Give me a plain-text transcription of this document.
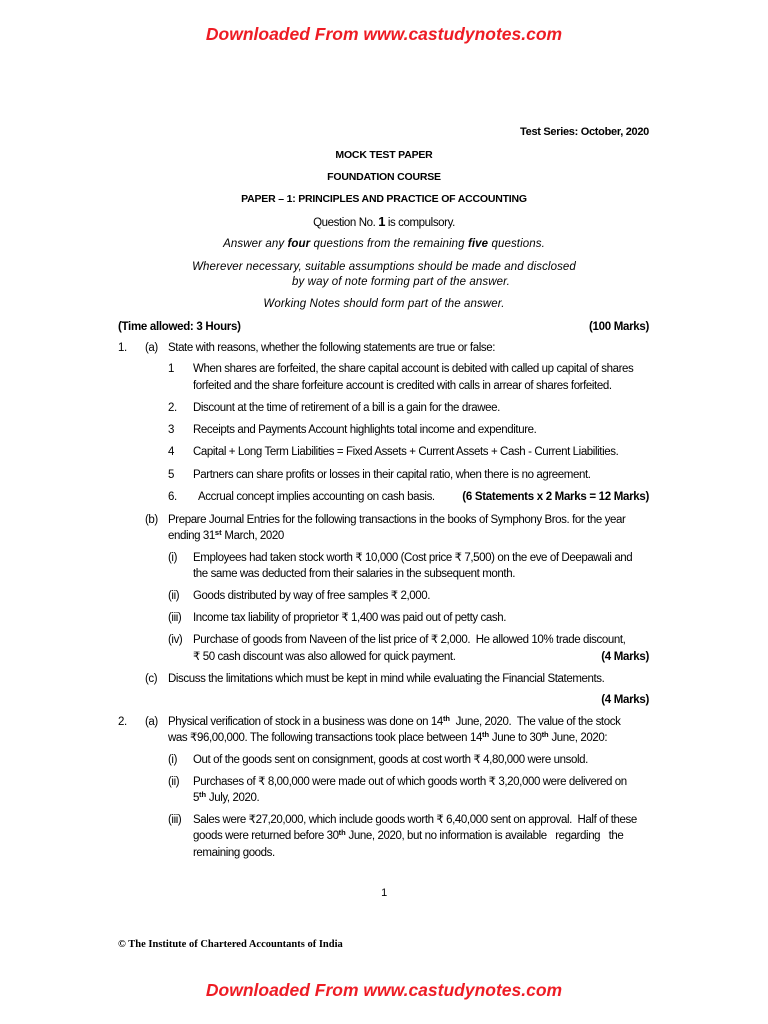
Downloaded From www.castudynotes.com
Test Series: October, 2020
MOCK TEST PAPER
FOUNDATION COURSE
PAPER – 1: PRINCIPLES AND PRACTICE OF ACCOUNTING
Question No. 1 is compulsory.
Answer any four questions from the remaining five questions.
Wherever necessary, suitable assumptions should be made and disclosed
by way of note forming part of the answer.
Working Notes should form part of the answer.
(Time allowed: 3 Hours)	(100 Marks)
1. (a) State with reasons, whether the following statements are true or false:
1 When shares are forfeited, the share capital account is debited with called up capital of shares
forfeited and the share forfeiture account is credited with calls in arrear of shares forfeited.
2. Discount at the time of retirement of a bill is a gain for the drawee.
3 Receipts and Payments Account highlights total income and expenditure.
4 Capital + Long Term Liabilities = Fixed Assets + Current Assets + Cash - Current Liabilities.
5 Partners can share profits or losses in their capital ratio, when there is no agreement.
6. Accrual concept implies accounting on cash basis. (6 Statements x 2 Marks = 12 Marks)
(b) Prepare Journal Entries for the following transactions in the books of Symphony Bros. for the year
ending 31st March, 2020
(i) Employees had taken stock worth ₹ 10,000 (Cost price ₹ 7,500) on the eve of Deepawali and
the same was deducted from their salaries in the subsequent month.
(ii) Goods distributed by way of free samples ₹ 2,000.
(iii) Income tax liability of proprietor ₹ 1,400 was paid out of petty cash.
(iv) Purchase of goods from Naveen of the list price of ₹ 2,000.  He allowed 10% trade discount,
₹ 50 cash discount was also allowed for quick payment.	(4 Marks)
(c) Discuss the limitations which must be kept in mind while evaluating the Financial Statements.
(4 Marks)
2. (a) Physical verification of stock in a business was done on 14th  June, 2020.  The value of the stock
was ₹96,00,000. The following transactions took place between 14th June to 30th June, 2020:
(i) Out of the goods sent on consignment, goods at cost worth ₹ 4,80,000 were unsold.
(ii) Purchases of ₹ 8,00,000 were made out of which goods worth ₹ 3,20,000 were delivered on
5th July, 2020.
(iii) Sales were ₹27,20,000, which include goods worth ₹ 6,40,000 sent on approval.  Half of these
goods were returned before 30th June, 2020, but no information is available   regarding   the
remaining goods.
1
© The Institute of Chartered Accountants of India
Downloaded From www.castudynotes.com
